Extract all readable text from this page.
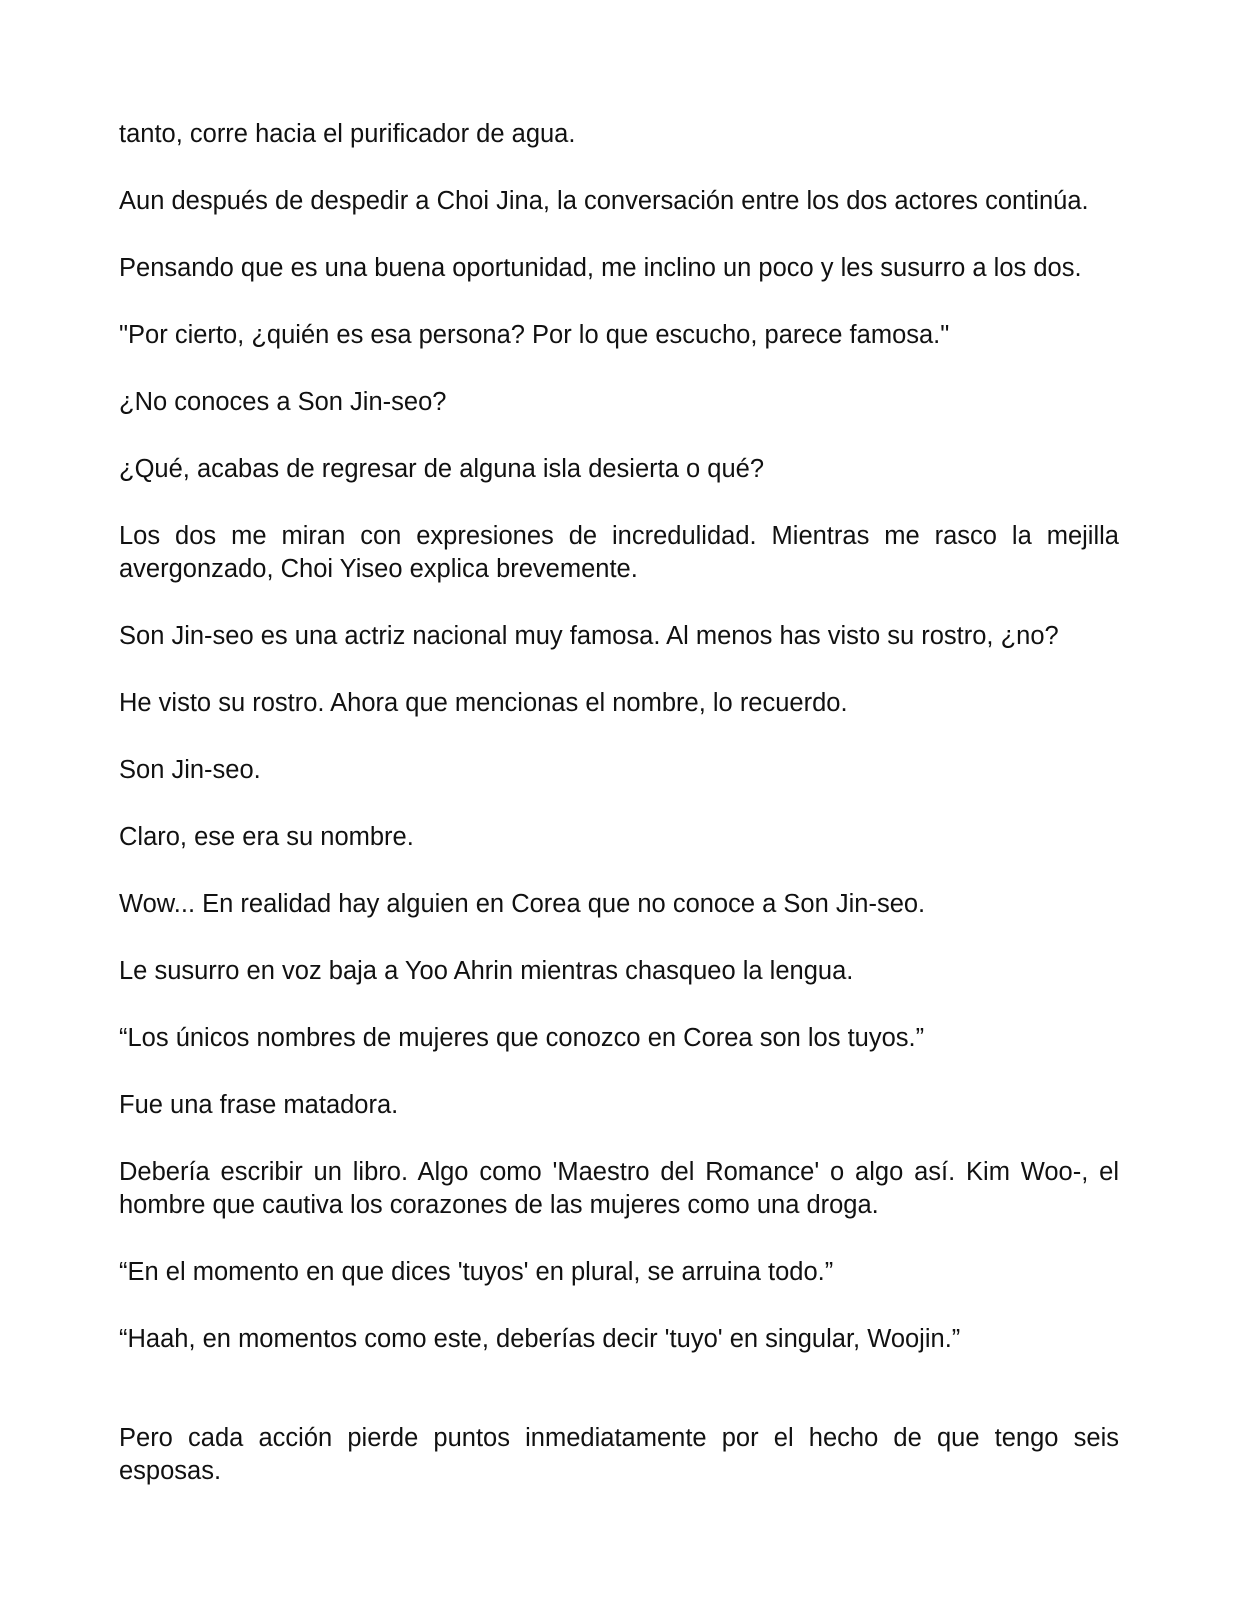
tanto, corre hacia el purificador de agua.

Aun después de despedir a Choi Jina, la conversación entre los dos actores continúa.

Pensando que es una buena oportunidad, me inclino un poco y les susurro a los dos.

"Por cierto, ¿quién es esa persona? Por lo que escucho, parece famosa."

¿No conoces a Son Jin-seo?

¿Qué, acabas de regresar de alguna isla desierta o qué?

Los dos me miran con expresiones de incredulidad. Mientras me rasco la mejilla avergonzado, Choi Yiseo explica brevemente.

Son Jin-seo es una actriz nacional muy famosa. Al menos has visto su rostro, ¿no?

He visto su rostro. Ahora que mencionas el nombre, lo recuerdo.

Son Jin-seo.

Claro, ese era su nombre.

Wow... En realidad hay alguien en Corea que no conoce a Son Jin-seo.

Le susurro en voz baja a Yoo Ahrin mientras chasqueo la lengua.

“Los únicos nombres de mujeres que conozco en Corea son los tuyos.”

Fue una frase matadora.

Debería escribir un libro. Algo como 'Maestro del Romance' o algo así. Kim Woo-, el hombre que cautiva los corazones de las mujeres como una droga.

“En el momento en que dices 'tuyos' en plural, se arruina todo.”

“Haah, en momentos como este, deberías decir 'tuyo' en singular, Woojin.”

Pero cada acción pierde puntos inmediatamente por el hecho de que tengo seis esposas.
